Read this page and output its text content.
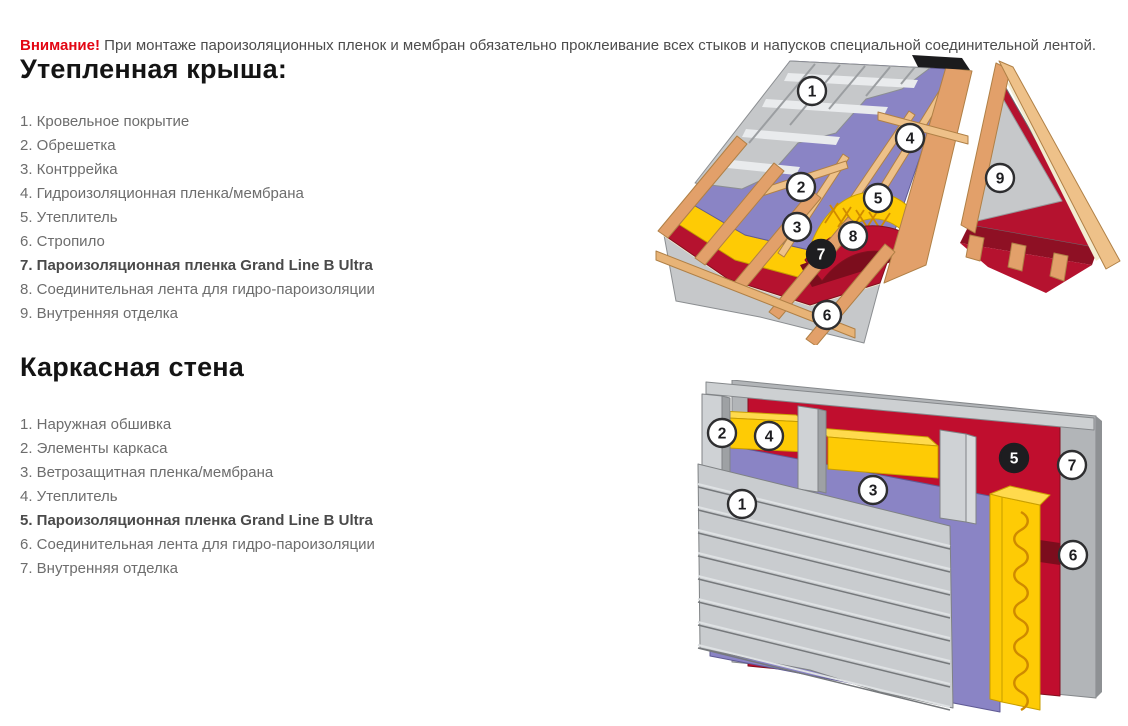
Внимание! При монтаже пароизоляционных пленок и мембран обязательно проклеивание всех стыков и напусков специальной соединительной лентой.

Утепленная крыша:
1. Кровельное покрытие
2. Обрешетка
3. Контррейка
4. Гидроизоляционная пленка/мембрана
5. Утеплитель
6. Стропило
7. Пароизоляционная пленка Grand Line B Ultra
8. Соединительная лента для гидро-пароизоляции
9. Внутренняя отделка
Каркасная стена
1. Наружная обшивка
2. Элементы каркаса
3. Ветрозащитная пленка/мембрана
4. Утеплитель
5. Пароизоляционная пленка Grand Line B Ultra
6. Соединительная лента для гидро-пароизоляции
7. Внутренняя отделка
1
2
3
4
5
6
7
8
9
1
2
3
4
5
6
7
